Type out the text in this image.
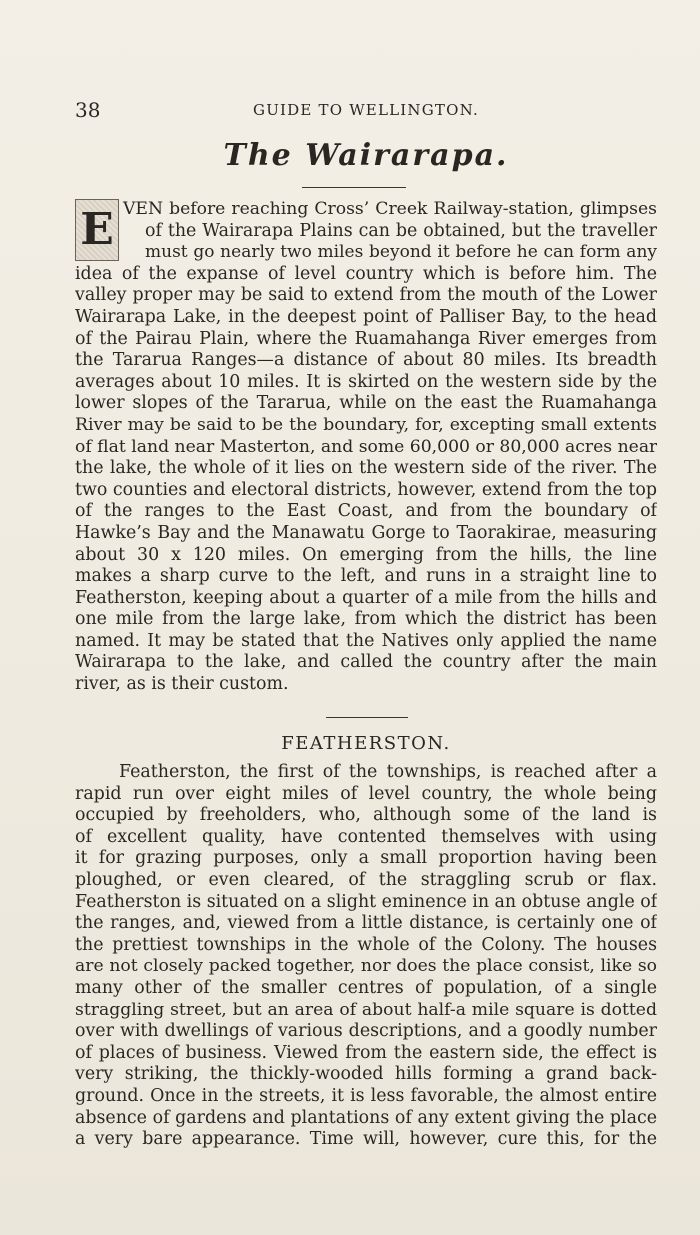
38	GUIDE TO WELLINGTON.
The Wairarapa.
E VEN before reaching Cross’ Creek Railway-station, glimpses
of the Wairarapa Plains can be obtained, but the traveller
must go nearly two miles beyond it before he can form any
idea of the expanse of level country which is before him. The
valley proper may be said to extend from the mouth of the Lower
Wairarapa Lake, in the deepest point of Palliser Bay, to the head
of the Pairau Plain, where the Ruamahanga River emerges from
the Tararua Ranges—a distance of about 80 miles. Its breadth
averages about 10 miles. It is skirted on the western side by the
lower slopes of the Tararua, while on the east the Ruamahanga
River may be said to be the boundary, for, excepting small extents
of flat land near Masterton, and some 60,000 or 80,000 acres near
the lake, the whole of it lies on the western side of the river. The
two counties and electoral districts, however, extend from the top
of the ranges to the East Coast, and from the boundary of
Hawke’s Bay and the Manawatu Gorge to Taorakirae, measuring
about 30 x 120 miles. On emerging from the hills, the line
makes a sharp curve to the left, and runs in a straight line to
Featherston, keeping about a quarter of a mile from the hills and
one mile from the large lake, from which the district has been
named. It may be stated that the Natives only applied the name
Wairarapa to the lake, and called the country after the main
river, as is their custom.
FEATHERSTON.
Featherston, the first of the townships, is reached after a
rapid run over eight miles of level country, the whole being
occupied by freeholders, who, although some of the land is
of excellent quality, have contented themselves with using
it for grazing purposes, only a small proportion having been
ploughed, or even cleared, of the straggling scrub or flax.
Featherston is situated on a slight eminence in an obtuse angle of
the ranges, and, viewed from a little distance, is certainly one of
the prettiest townships in the whole of the Colony. The houses
are not closely packed together, nor does the place consist, like so
many other of the smaller centres of population, of a single
straggling street, but an area of about half-a mile square is dotted
over with dwellings of various descriptions, and a goodly number
of places of business. Viewed from the eastern side, the effect is
very striking, the thickly-wooded hills forming a grand back-
ground. Once in the streets, it is less favorable, the almost entire
absence of gardens and plantations of any extent giving the place
a very bare appearance. Time will, however, cure this, for the
